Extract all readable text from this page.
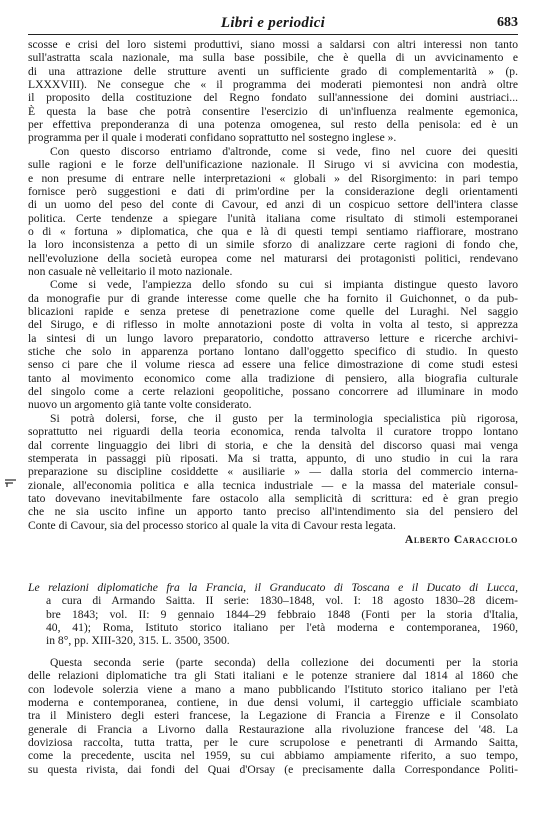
Libri e periodici	683
scosse e crisi del loro sistemi produttivi, siano mossi a saldarsi con altri interessi non tanto
sull'astratta scala nazionale, ma sulla base possibile, che è quella di un avvicinamento e
di una attrazione delle strutture aventi un sufficiente grado di complementarità » (p.
LXXXVIII). Ne consegue che « il programma dei moderati piemontesi non andrà oltre
il proposito della costituzione del Regno fondato sull'annessione dei domini austriaci...
È questa la base che potrà consentire l'esercizio di un'influenza realmente egemonica,
per effettiva preponderanza di una potenza omogenea, sul resto della penisola: ed è un
programma per il quale i moderati confidano soprattutto nel sostegno inglese ».
Con questo discorso entriamo d'altronde, come si vede, fino nel cuore dei quesiti
sulle ragioni e le forze dell'unificazione nazionale. Il Sirugo vi si avvicina con modestia,
e non presume di entrare nelle interpretazioni « globali » del Risorgimento: in pari tempo
fornisce però suggestioni e dati di prim'ordine per la considerazione degli orientamenti
di un uomo del peso del conte di Cavour, ed anzi di un cospicuo settore dell'intera classe
politica. Certe tendenze a spiegare l'unità italiana come risultato di stimoli estemporanei
o di « fortuna » diplomatica, che qua e là di questi tempi sentiamo riaffiorare, mostrano
la loro inconsistenza a petto di un simile sforzo di analizzare certe ragioni di fondo che,
nell'evoluzione della società europea come nel maturarsi dei protagonisti politici, rendevano
non casuale nè velleitario il moto nazionale.
Come si vede, l'ampiezza dello sfondo su cui si impianta distingue questo lavoro
da monografie pur di grande interesse come quelle che ha fornito il Guichonnet, o da pub-
blicazioni rapide e senza pretese di penetrazione come quelle del Luraghi. Nel saggio
del Sirugo, e di riflesso in molte annotazioni poste di volta in volta al testo, si apprezza
la sintesi di un lungo lavoro preparatorio, condotto attraverso letture e ricerche archivi-
stiche che solo in apparenza portano lontano dall'oggetto specifico di studio. In questo
senso ci pare che il volume riesca ad essere una felice dimostrazione di come studi estesi
tanto al movimento economico come alla tradizione di pensiero, alla biografia culturale
del singolo come a certe relazioni geopolitiche, possano concorrere ad illuminare in modo
nuovo un argomento già tante volte considerato.
Si potrà dolersi, forse, che il gusto per la terminologia specialistica più rigorosa,
soprattutto nei riguardi della teoria economica, renda talvolta il curatore troppo lontano
dal corrente linguaggio dei libri di storia, e che la densità del discorso quasi mai venga
stemperata in passaggi più riposati. Ma si tratta, appunto, di uno studio in cui la rara
preparazione su discipline cosiddette « ausiliarie » — dalla storia del commercio interna-
zionale, all'economia politica e alla tecnica industriale — e la massa del materiale consul-
tato dovevano inevitabilmente fare ostacolo alla semplicità di scrittura: ed è gran pregio
che ne sia uscito infine un apporto tanto preciso all'intendimento sia del pensiero del
Conte di Cavour, sia del processo storico al quale la vita di Cavour resta legata.
Alberto Caracciolo
Le relazioni diplomatiche fra la Francia, il Granducato di Toscana e il Ducato di Lucca,
a cura di Armando Saitta. II serie: 1830–1848, vol. I: 18 agosto 1830–28 dicem-
bre 1843; vol. II: 9 gennaio 1844–29 febbraio 1848 (Fonti per la storia d'Italia,
40, 41); Roma, Istituto storico italiano per l'età moderna e contemporanea, 1960,
in 8°, pp. XIII-320, 315. L. 3500, 3500.
Questa seconda serie (parte seconda) della collezione dei documenti per la storia
delle relazioni diplomatiche tra gli Stati italiani e le potenze straniere dal 1814 al 1860 che
con lodevole solerzia viene a mano a mano pubblicando l'Istituto storico italiano per l'età
moderna e contemporanea, contiene, in due densi volumi, il carteggio ufficiale scambiato
tra il Ministero degli esteri francese, la Legazione di Francia a Firenze e il Consolato
generale di Francia a Livorno dalla Restaurazione alla rivoluzione francese del '48. La
doviziosa raccolta, tutta tratta, per le cure scrupolose e penetranti di Armando Saitta,
come la precedente, uscita nel 1959, su cui abbiamo ampiamente riferito, a suo tempo,
su questa rivista, dai fondi del Quai d'Orsay (e precisamente dalla Correspondance Politi-
